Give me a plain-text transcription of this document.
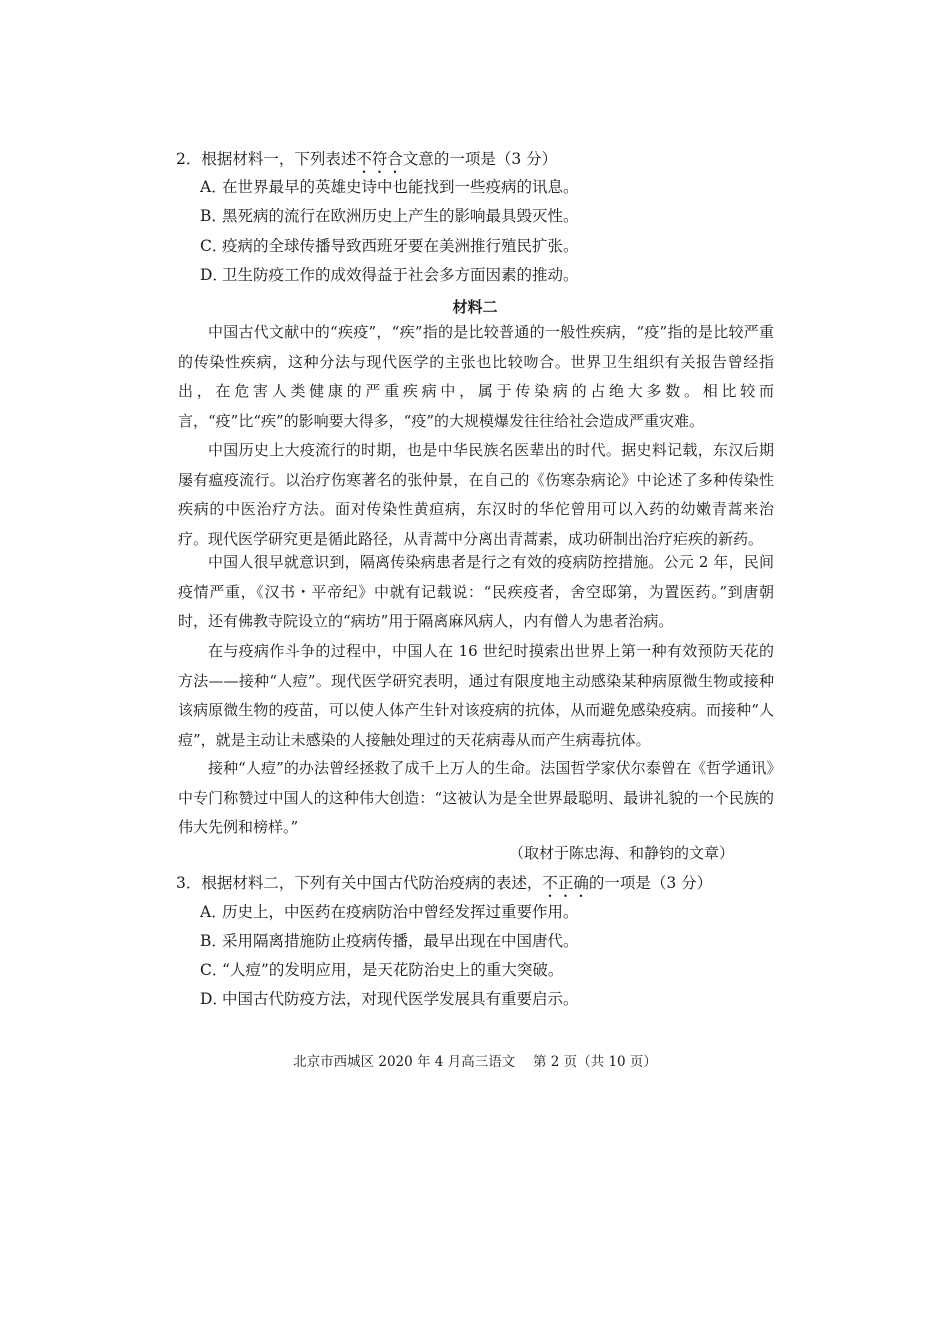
2．根据材料一，下列表述不符合文意的一项是（3 分）
A．在世界最早的英雄史诗中也能找到一些疫病的讯息。
B．黑死病的流行在欧洲历史上产生的影响最具毁灭性。
C．疫病的全球传播导致西班牙要在美洲推行殖民扩张。
D．卫生防疫工作的成效得益于社会多方面因素的推动。
材料二

中国古代文献中的“疾疫”，“疾”指的是比较普通的一般性疾病，“疫”指的是比较严重的传染性疾病，这种分法与现代医学的主张也比较吻合。世界卫生组织有关报告曾经指出，在危害人类健康的严重疾病中，属于传染病的占绝大多数。相比较而言，“疫”比“疾”的影响要大得多，“疫”的大规模爆发往往给社会造成严重灾难。

中国历史上大疫流行的时期，也是中华民族名医辈出的时代。据史料记载，东汉后期屡有瘟疫流行。以治疗伤寒著名的张仲景，在自己的《伤寒杂病论》中论述了多种传染性疾病的中医治疗方法。面对传染性黄疸病，东汉时的华佗曾用可以入药的幼嫩青蒿来治疗。现代医学研究更是循此路径，从青蒿中分离出青蒿素，成功研制出治疗疟疾的新药。

中国人很早就意识到，隔离传染病患者是行之有效的疫病防控措施。公元 2 年，民间疫情严重，《汉书・平帝纪》中就有记载说：“民疾疫者，舍空邸第，为置医药。”到唐朝时，还有佛教寺院设立的“病坊”用于隔离麻风病人，内有僧人为患者治病。

在与疫病作斗争的过程中，中国人在 16 世纪时摸索出世界上第一种有效预防天花的方法——接种“人痘”。现代医学研究表明，通过有限度地主动感染某种病原微生物或接种该病原微生物的疫苗，可以使人体产生针对该疫病的抗体，从而避免感染疫病。而接种“人痘”，就是主动让未感染的人接触处理过的天花病毒从而产生病毒抗体。

接种“人痘”的办法曾经拯救了成千上万人的生命。法国哲学家伏尔泰曾在《哲学通讯》中专门称赞过中国人的这种伟大创造：“这被认为是全世界最聪明、最讲礼貌的一个民族的伟大先例和榜样。”

（取材于陈忠海、和静钧的文章）
3．根据材料二，下列有关中国古代防治疫病的表述，不正确的一项是（3 分）
A．历史上，中医药在疫病防治中曾经发挥过重要作用。
B．采用隔离措施防止疫病传播，最早出现在中国唐代。
C．“人痘”的发明应用，是天花防治史上的重大突破。
D．中国古代防疫方法，对现代医学发展具有重要启示。
北京市西城区 2020 年 4 月高三语文　 第 2 页（共 10 页）
